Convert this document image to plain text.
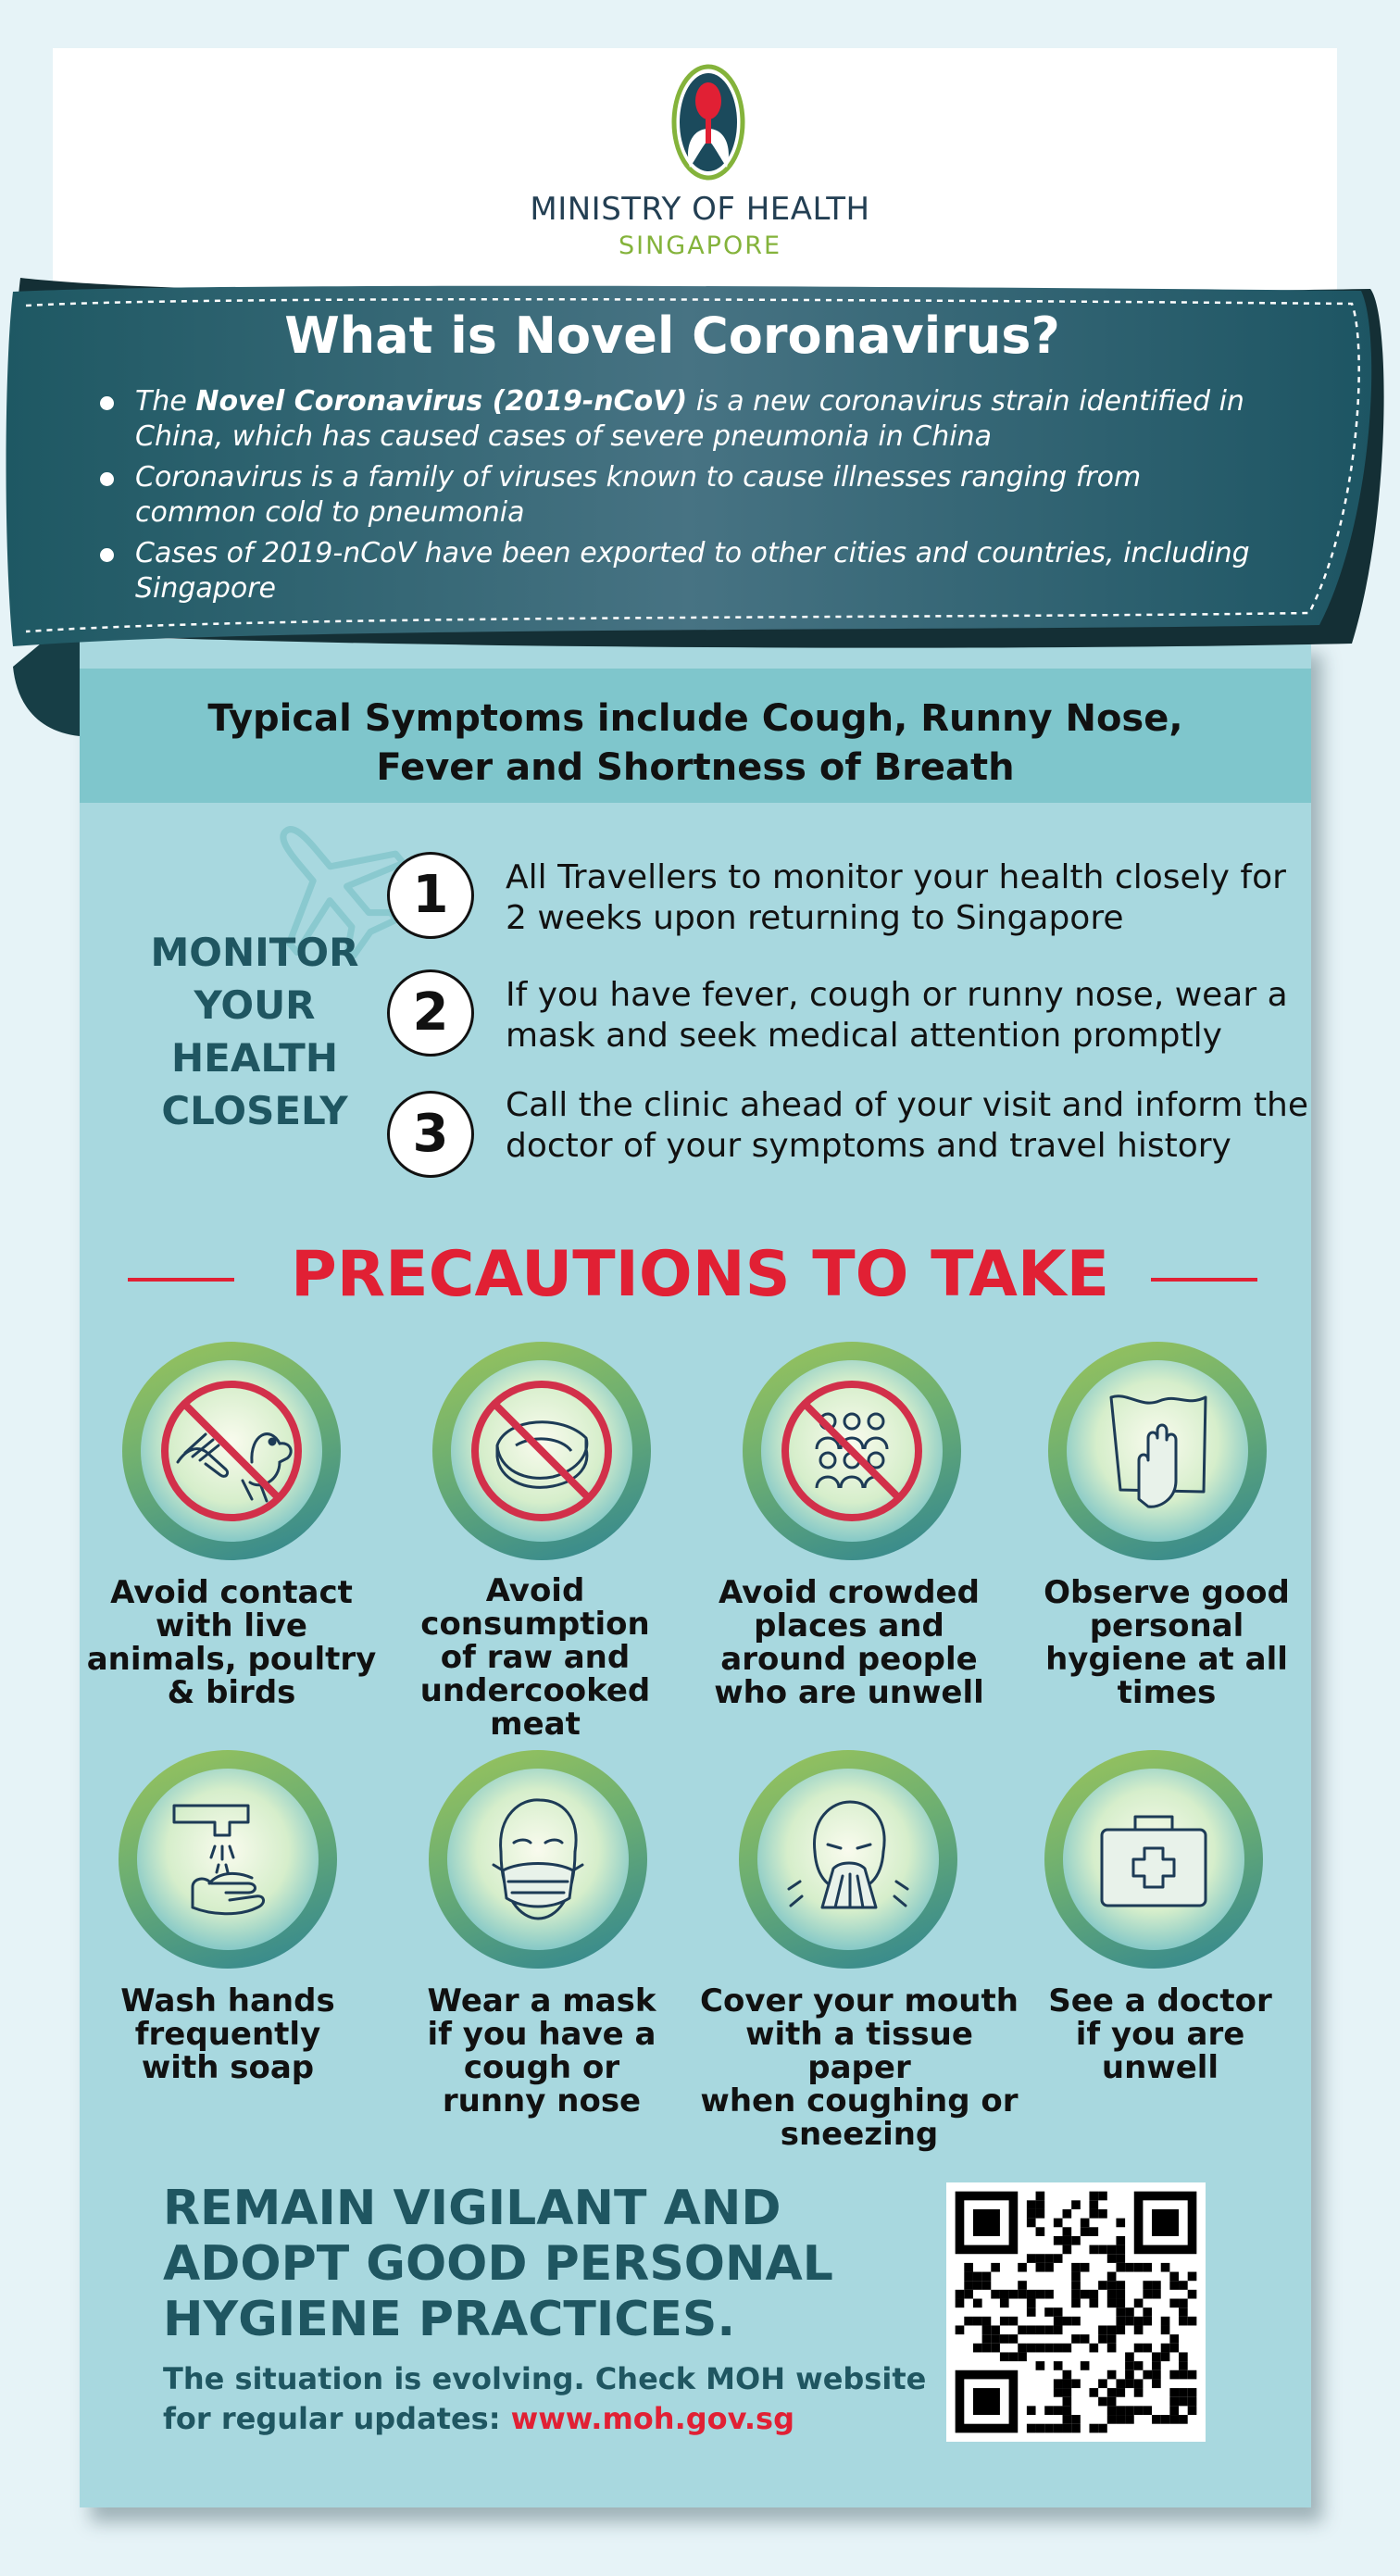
MINISTRY OF HEALTH
SINGAPORE
What is Novel Coronavirus?
The Novel Coronavirus (2019-nCoV) is a new coronavirus strain identified in China, which has caused cases of severe pneumonia in China
Coronavirus is a family of viruses known to cause illnesses ranging from common cold to pneumonia
Cases of 2019-nCoV have been exported to other cities and countries, including Singapore
Typical Symptoms include Cough, Runny Nose,
Fever and Shortness of Breath
MONITOR
YOUR
HEALTH
CLOSELY
1	All Travellers to monitor your health closely for 2 weeks upon returning to Singapore
2	If you have fever, cough or runny nose, wear a mask and seek medical attention promptly
3	Call the clinic ahead of your visit and inform the doctor of your symptoms and travel history
PRECAUTIONS TO TAKE
Avoid contact
with live
animals, poultry
& birds
Avoid
consumption
of raw and
undercooked
meat
Avoid crowded
places and
around people
who are unwell
Observe good
personal
hygiene at all
times
Wash hands
frequently
with soap
Wear a mask
if you have a
cough or
runny nose
Cover your mouth
with a tissue paper
when coughing or
sneezing
See a doctor
if you are
unwell
REMAIN VIGILANT AND
ADOPT GOOD PERSONAL
HYGIENE PRACTICES.
The situation is evolving. Check MOH website
for regular updates: www.moh.gov.sg
